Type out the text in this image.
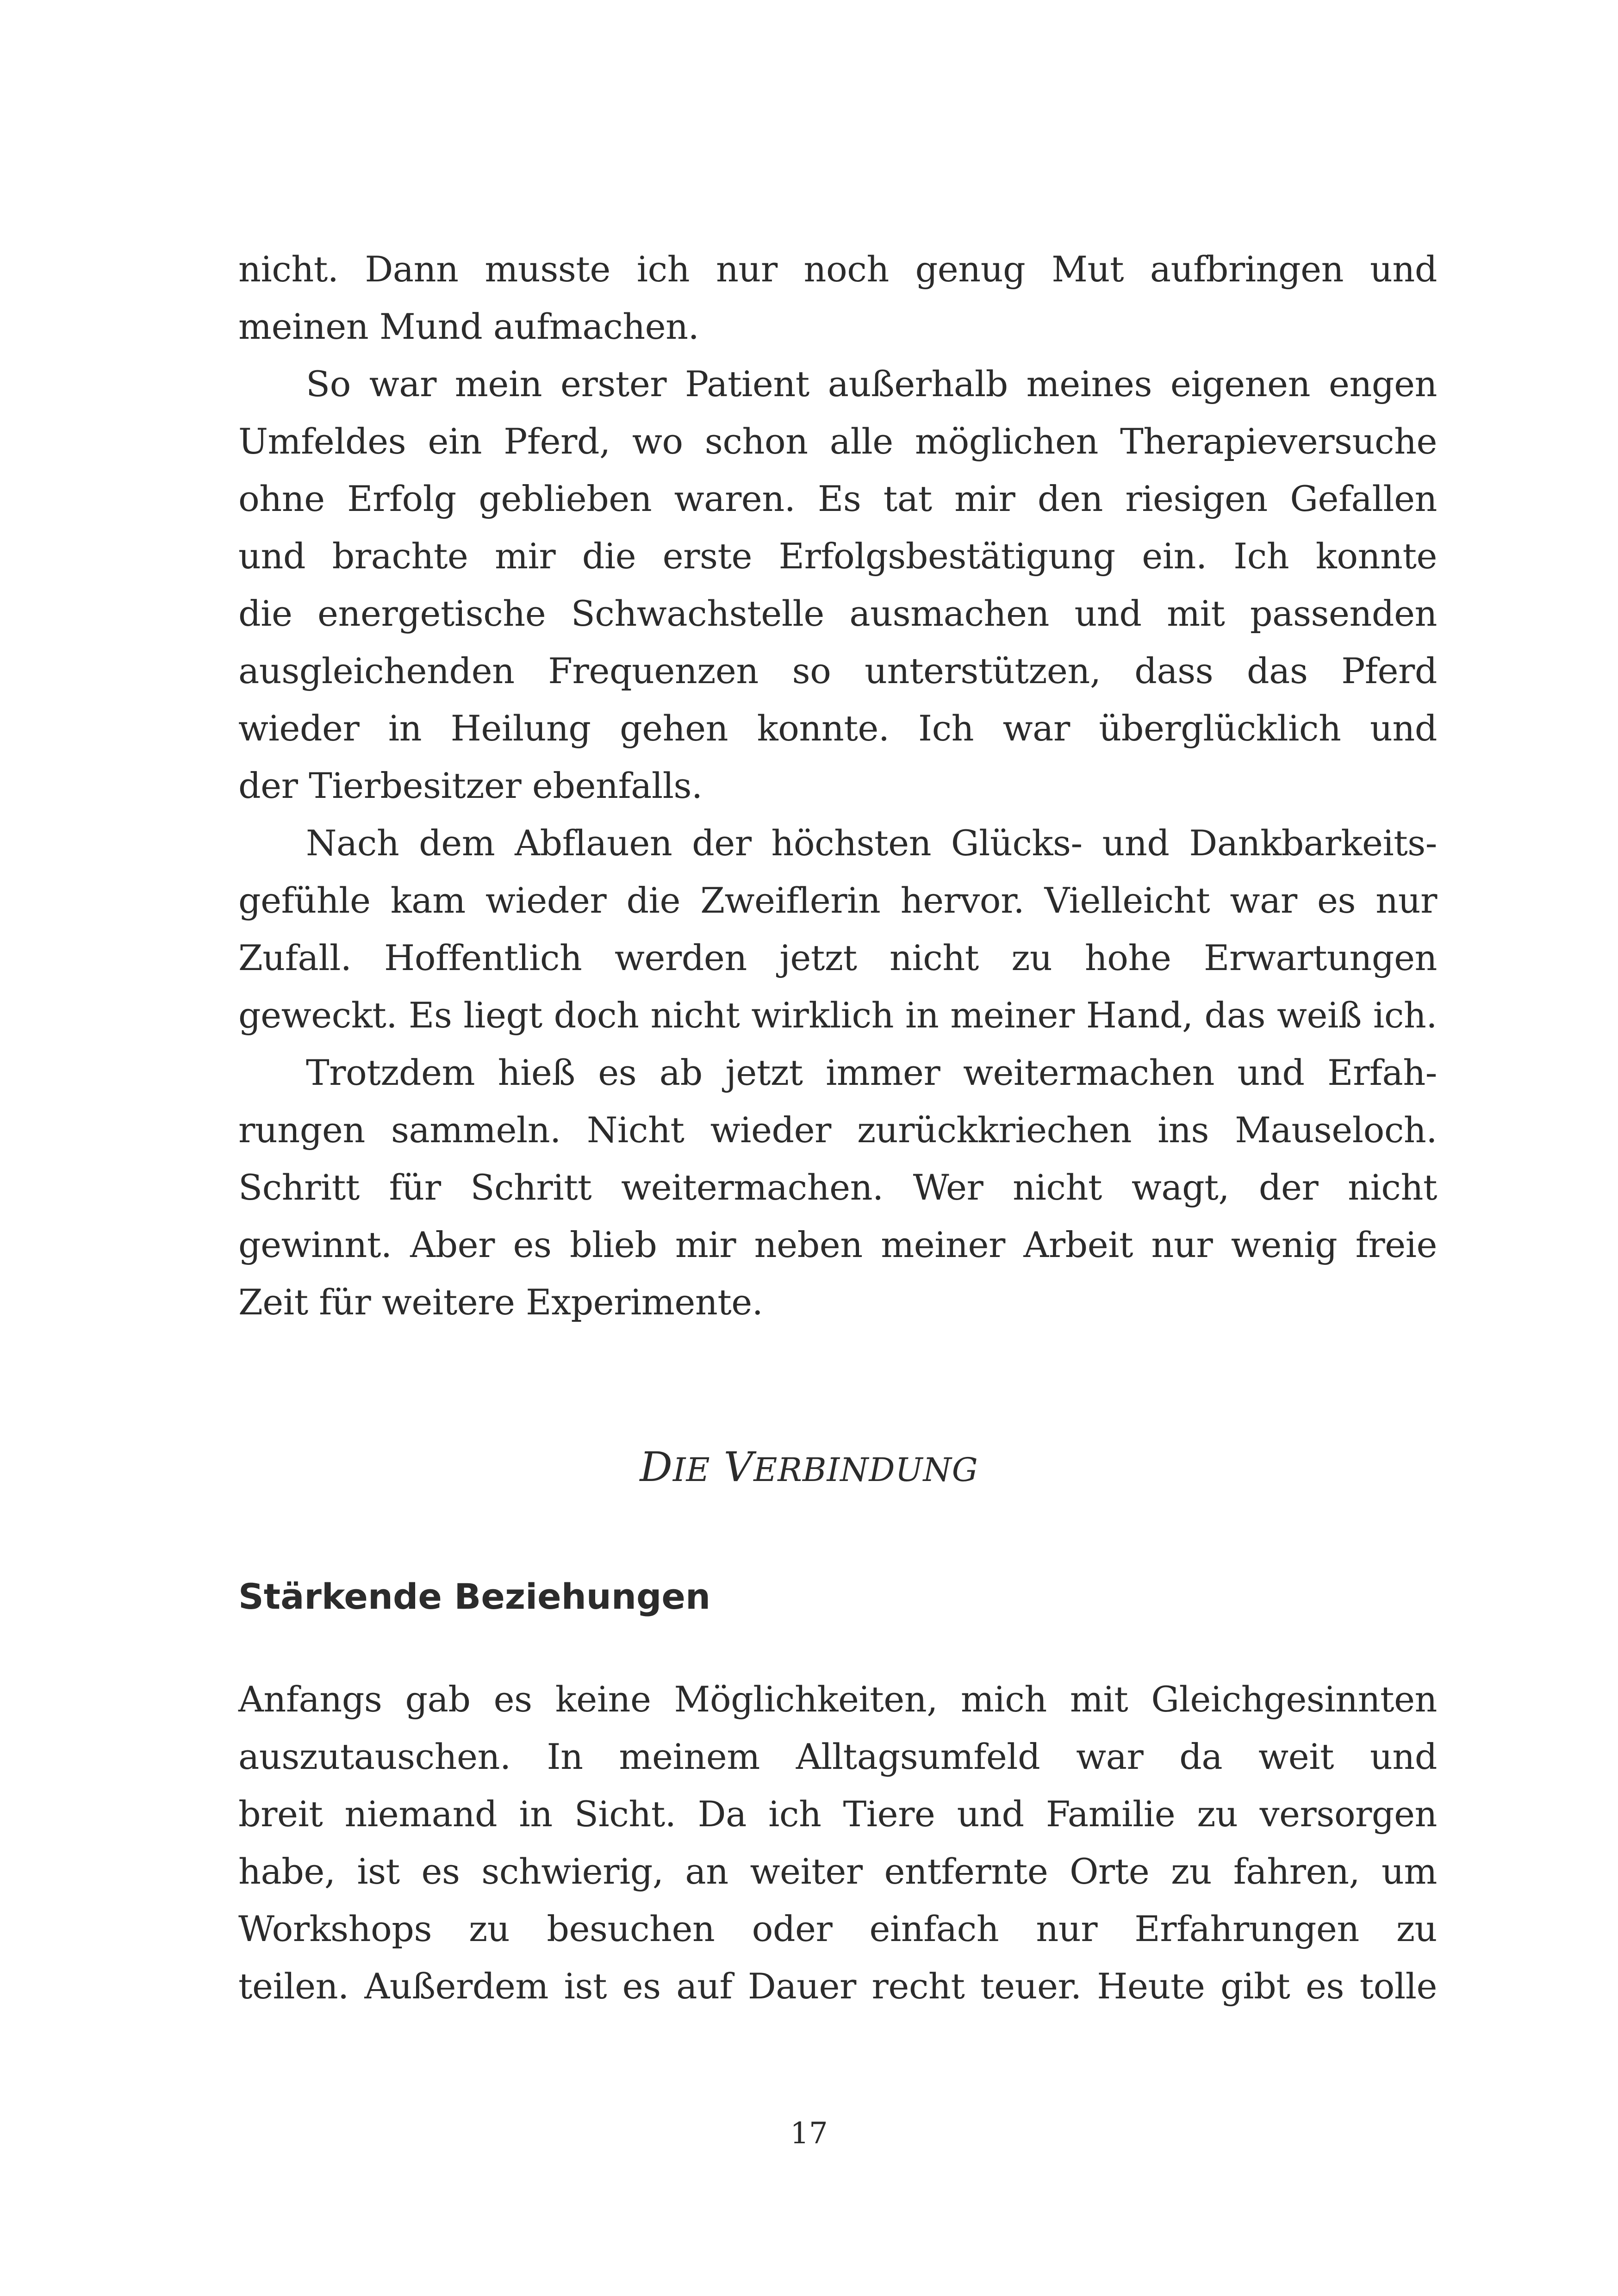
nicht. Dann musste ich nur noch genug Mut aufbringen und
meinen Mund aufmachen.
So war mein erster Patient außerhalb meines eigenen engen
Umfeldes ein Pferd, wo schon alle möglichen Therapieversuche
ohne Erfolg geblieben waren. Es tat mir den riesigen Gefallen
und brachte mir die erste Erfolgsbestätigung ein. Ich konnte
die energetische Schwachstelle ausmachen und mit passenden
ausgleichenden Frequenzen so unterstützen, dass das Pferd
wieder in Heilung gehen konnte. Ich war überglücklich und
der Tierbesitzer ebenfalls.
Nach dem Abflauen der höchsten Glücks- und Dankbarkeits-
gefühle kam wieder die Zweiflerin hervor. Vielleicht war es nur
Zufall. Hoffentlich werden jetzt nicht zu hohe Erwartungen
geweckt. Es liegt doch nicht wirklich in meiner Hand, das weiß ich.
Trotzdem hieß es ab jetzt immer weitermachen und Erfah-
rungen sammeln. Nicht wieder zurückkriechen ins Mauseloch.
Schritt für Schritt weitermachen. Wer nicht wagt, der nicht
gewinnt. Aber es blieb mir neben meiner Arbeit nur wenig freie
Zeit für weitere Experimente.
DIE VERBINDUNG
Stärkende Beziehungen
Anfangs gab es keine Möglichkeiten, mich mit Gleichgesinnten
auszutauschen. In meinem Alltagsumfeld war da weit und
breit niemand in Sicht. Da ich Tiere und Familie zu versorgen
habe, ist es schwierig, an weiter entfernte Orte zu fahren, um
Workshops zu besuchen oder einfach nur Erfahrungen zu
teilen. Außerdem ist es auf Dauer recht teuer. Heute gibt es tolle
17
